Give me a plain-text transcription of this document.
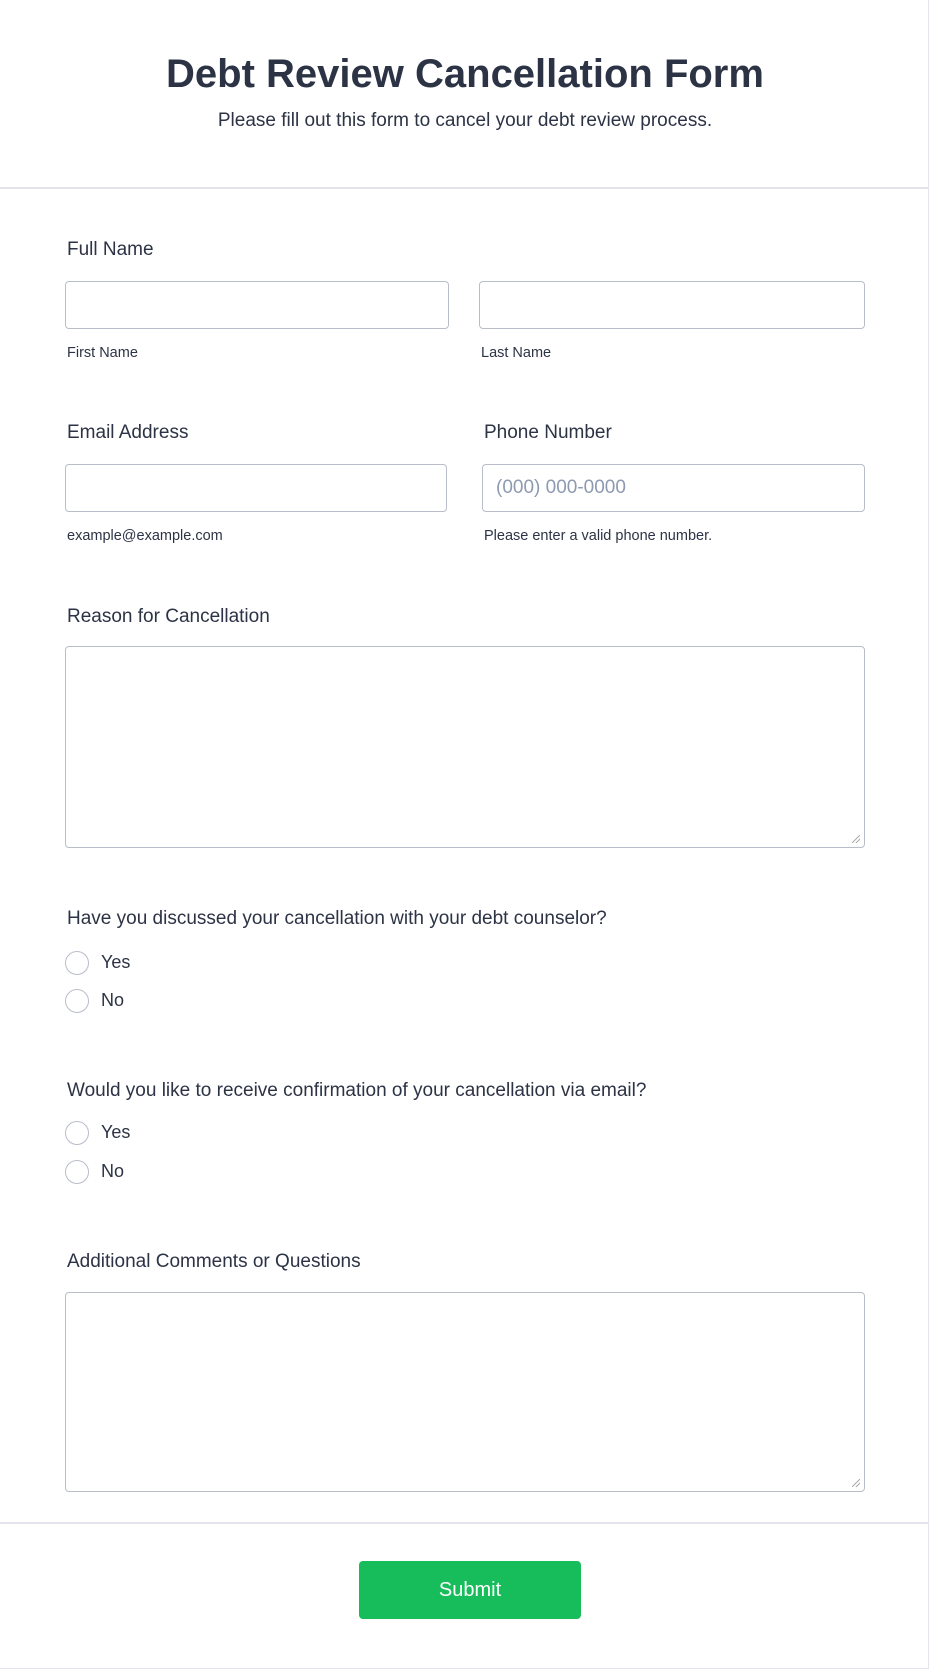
Debt Review Cancellation Form
Please fill out this form to cancel your debt review process.
Full Name
First Name	Last Name
Email Address
example@example.com
Phone Number
(000) 000-0000
Please enter a valid phone number.
Reason for Cancellation
Have you discussed your cancellation with your debt counselor?
Yes
No
Would you like to receive confirmation of your cancellation via email?
Yes
No
Additional Comments or Questions
Submit
